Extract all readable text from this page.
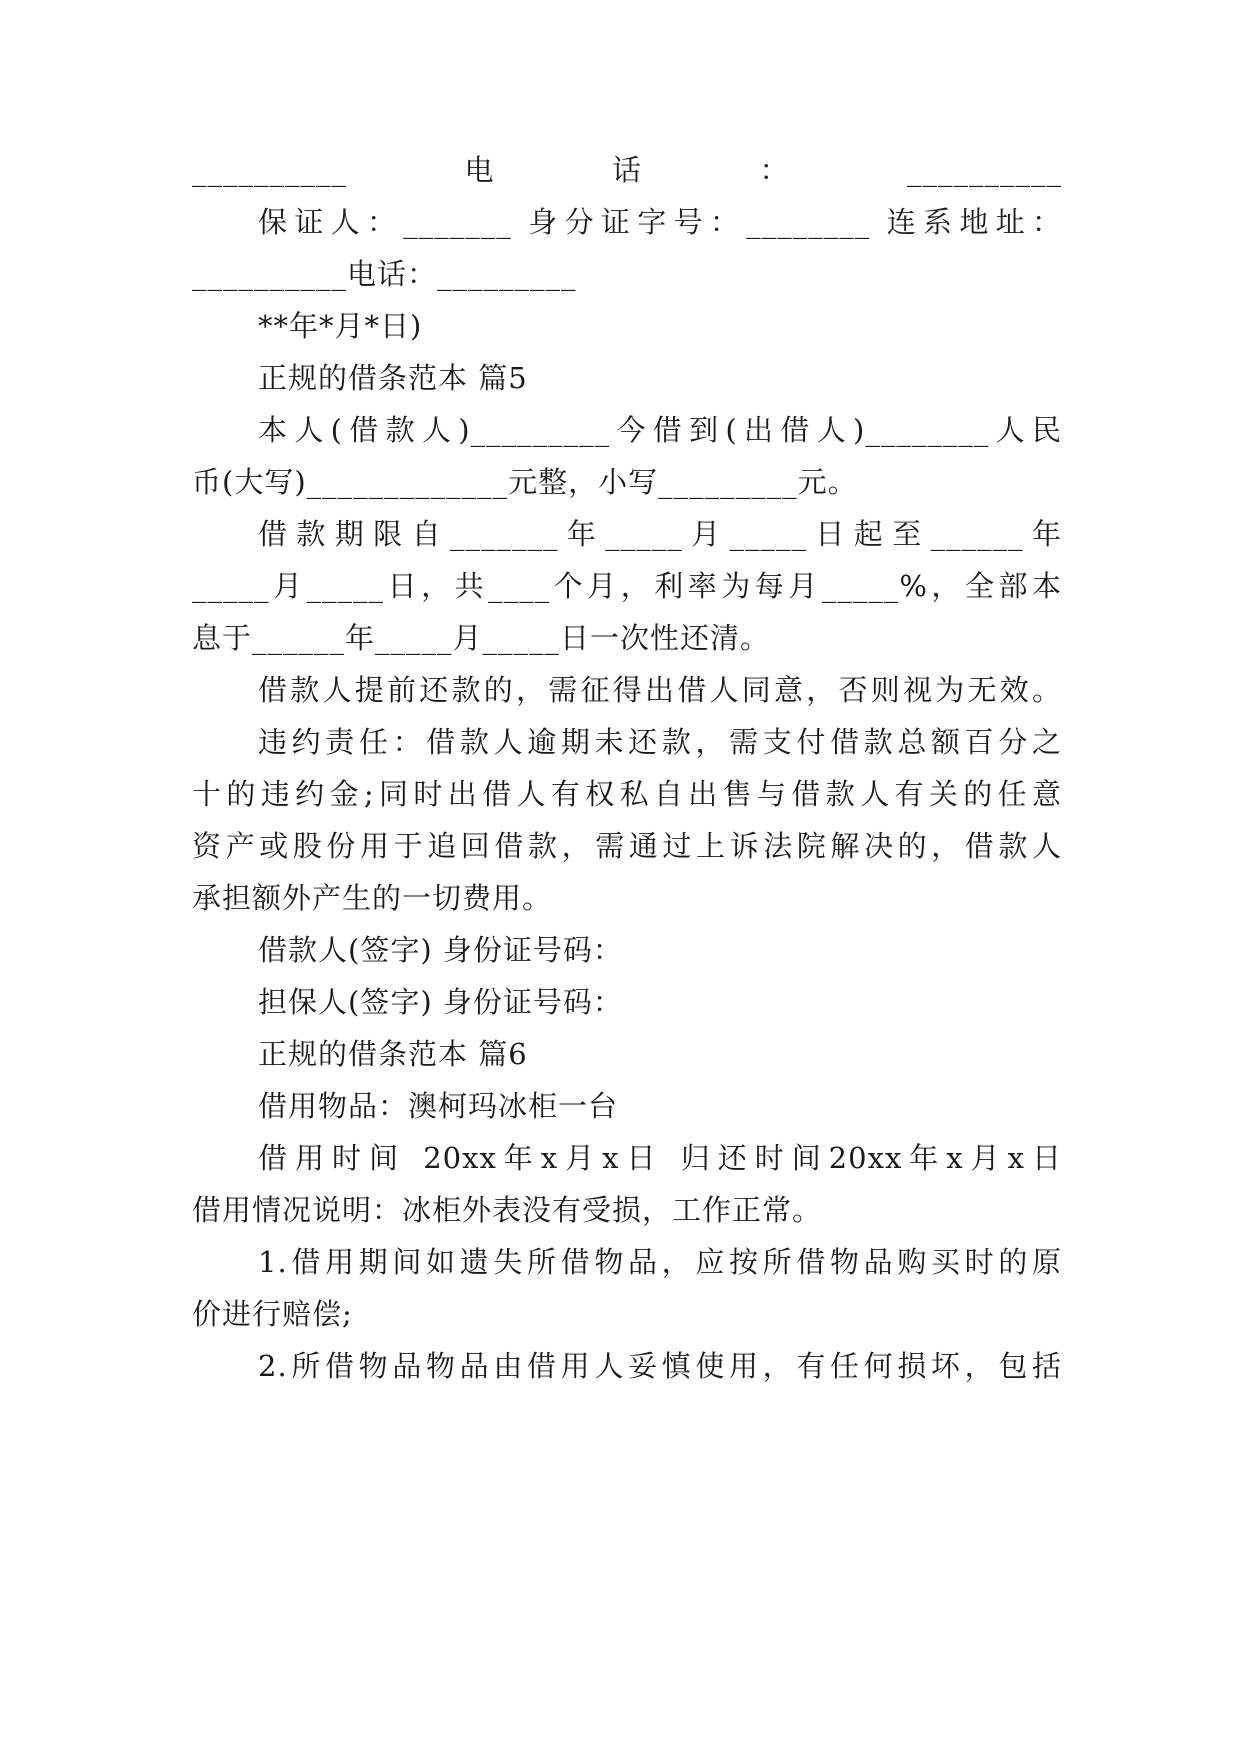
__________电话：__________
保证人：_______ 身分证字号：________ 连系地址：
__________电话：_________
**年*月*日)
正规的借条范本 篇5
本人(借款人)_________今借到(出借人)________人民
币(大写)_____________元整，小写_________元。
借款期限自_______年_____月_____日起至______年
_____月_____日，共____个月，利率为每月_____%，全部本
息于______年_____月_____日一次性还清。
借款人提前还款的，需征得出借人同意，否则视为无效。
违约责任：借款人逾期未还款，需支付借款总额百分之
十的违约金;同时出借人有权私自出售与借款人有关的任意
资产或股份用于追回借款，需通过上诉法院解决的，借款人
承担额外产生的一切费用。
借款人(签字) 身份证号码：
担保人(签字) 身份证号码：
正规的借条范本 篇6
借用物品：澳柯玛冰柜一台
借用时间 20xx年x月x日 归还时间20xx年x月x日
借用情况说明：冰柜外表没有受损，工作正常。
1.借用期间如遗失所借物品，应按所借物品购买时的原
价进行赔偿;
2.所借物品物品由借用人妥慎使用，有任何损坏，包括
